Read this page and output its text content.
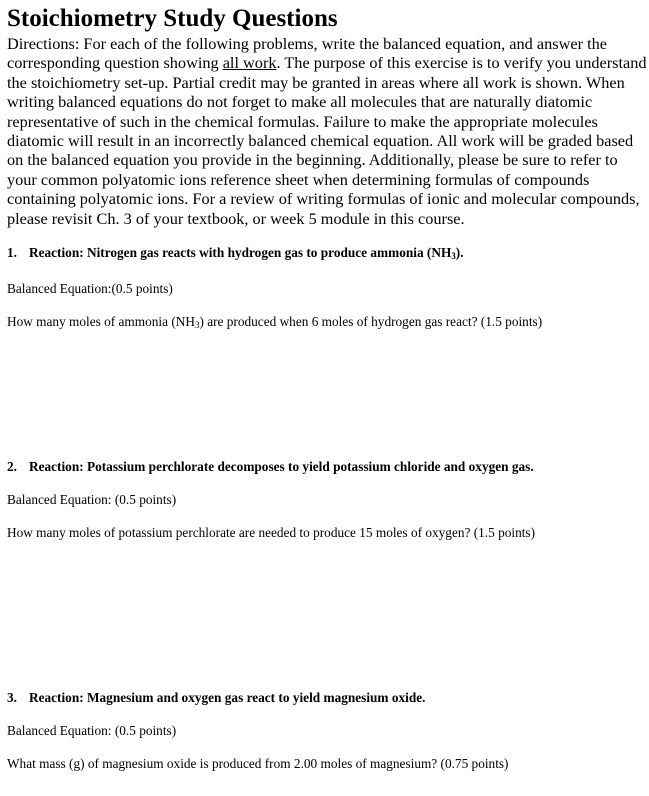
Stoichiometry Study Questions

Directions: For each of the following problems, write the balanced equation, and answer the corresponding question showing all work. The purpose of this exercise is to verify you understand the stoichiometry set-up. Partial credit may be granted in areas where all work is shown. When writing balanced equations do not forget to make all molecules that are naturally diatomic representative of such in the chemical formulas. Failure to make the appropriate molecules diatomic will result in an incorrectly balanced chemical equation. All work will be graded based on the balanced equation you provide in the beginning. Additionally, please be sure to refer to your common polyatomic ions reference sheet when determining formulas of compounds containing polyatomic ions. For a review of writing formulas of ionic and molecular compounds, please revisit Ch. 3 of your textbook, or week 5 module in this course.

1. Reaction: Nitrogen gas reacts with hydrogen gas to produce ammonia $(NH_3)$.
Balanced Equation:(0.5 points)
How many moles of ammonia $(NH_3)$ are produced when 6 moles of hydrogen gas react? (1.5 points)
2. Reaction: Potassium perchlorate decomposes to yield potassium chloride and oxygen gas.
Balanced Equation: (0.5 points)
How many moles of potassium perchlorate are needed to produce 15 moles of oxygen? (1.5 points)
3. Reaction: Magnesium and oxygen gas react to yield magnesium oxide.
Balanced Equation: (0.5 points)
What mass (g) of magnesium oxide is produced from 2.00 moles of magnesium? (0.75 points)
